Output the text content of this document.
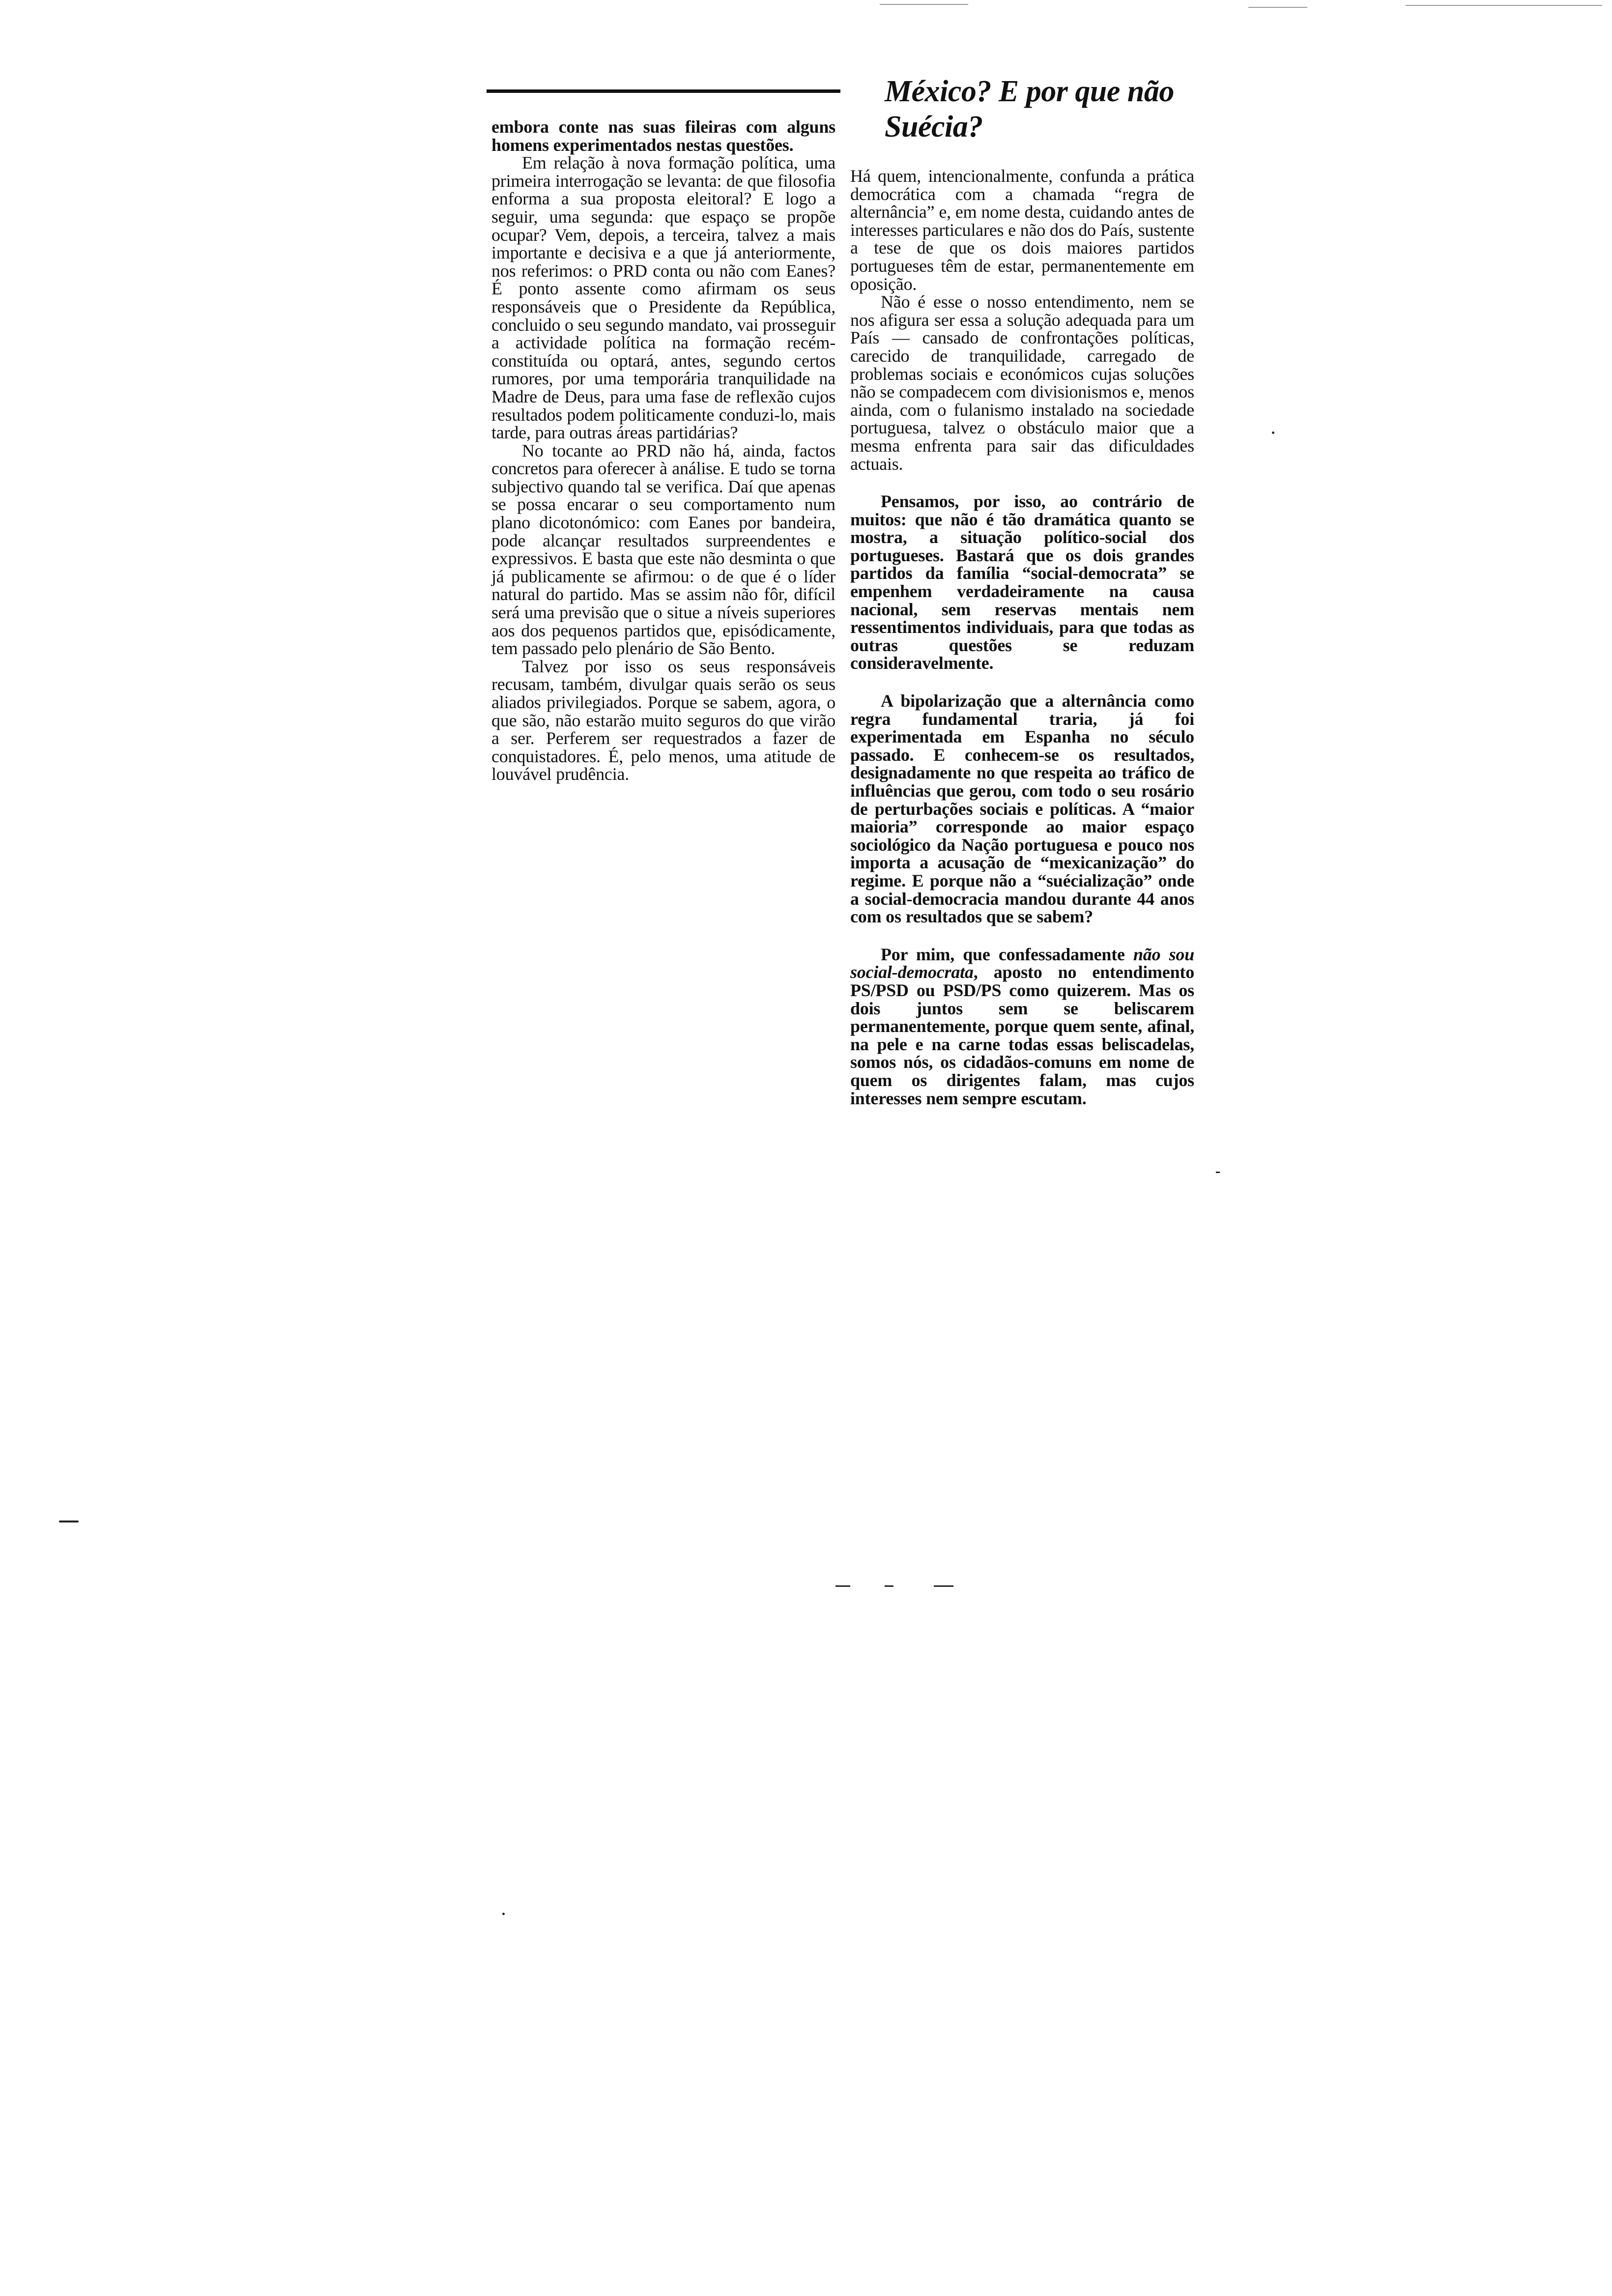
México? E por que não Suécia?

embora conte nas suas fileiras com alguns homens experimentados nestas questões.

Em relação à nova formação política, uma primeira interrogação se levanta: de que filosofia enforma a sua proposta eleitoral? E logo a seguir, uma segunda: que espaço se propõe ocupar? Vem, depois, a terceira, talvez a mais importante e decisiva e a que já anteriormente, nos referimos: o PRD conta ou não com Eanes? É ponto assente como afirmam os seus responsáveis que o Presidente da República, concluido o seu segundo mandato, vai prosseguir a actividade política na formação recém-constituída ou optará, antes, segundo certos rumores, por uma temporária tranquilidade na Madre de Deus, para uma fase de reflexão cujos resultados podem politicamente conduzi-lo, mais tarde, para outras áreas partidárias?

No tocante ao PRD não há, ainda, factos concretos para oferecer à análise. E tudo se torna subjectivo quando tal se verifica. Daí que apenas se possa encarar o seu comportamento num plano dicotonómico: com Eanes por bandeira, pode alcançar resultados surpreendentes e expressivos. E basta que este não desminta o que já publicamente se afirmou: o de que é o líder natural do partido. Mas se assim não fôr, difícil será uma previsão que o situe a níveis superiores aos dos pequenos partidos que, episódicamente, tem passado pelo plenário de São Bento.

Talvez por isso os seus responsáveis recusam, também, divulgar quais serão os seus aliados privilegiados. Porque se sabem, agora, o que são, não estarão muito seguros do que virão a ser. Perferem ser requestrados a fazer de conquistadores. É, pelo menos, uma atitude de louvável prudência.

Há quem, intencionalmente, confunda a prática democrática com a chamada “regra de alternância” e, em nome desta, cuidando antes de interesses particulares e não dos do País, sustente a tese de que os dois maiores partidos portugueses têm de estar, permanentemente em oposição.

Não é esse o nosso entendimento, nem se nos afigura ser essa a solução adequada para um País — cansado de confrontações políticas, carecido de tranquilidade, carregado de problemas sociais e económicos cujas soluções não se compadecem com divisionismos e, menos ainda, com o fulanismo instalado na sociedade portuguesa, talvez o obstáculo maior que a mesma enfrenta para sair das dificuldades actuais.

Pensamos, por isso, ao contrário de muitos: que não é tão dramática quanto se mostra, a situação político-social dos portugueses. Bastará que os dois grandes partidos da família “social-democrata” se empenhem verdadeiramente na causa nacional, sem reservas mentais nem ressentimentos individuais, para que todas as outras questões se reduzam consideravelmente.

A bipolarização que a alternância como regra fundamental traria, já foi experimentada em Espanha no século passado. E conhecem-se os resultados, designadamente no que respeita ao tráfico de influências que gerou, com todo o seu rosário de perturbações sociais e políticas. A “maior maioria” corresponde ao maior espaço sociológico da Nação portuguesa e pouco nos importa a acusação de “mexicanização” do regime. E porque não a “suécialização” onde a social-democracia mandou durante 44 anos com os resultados que se sabem?

Por mim, que confessadamente não sou social-democrata, aposto no entendimento PS/PSD ou PSD/PS como quizerem. Mas os dois juntos sem se beliscarem permanentemente, porque quem sente, afinal, na pele e na carne todas essas beliscadelas, somos nós, os cidadãos-comuns em nome de quem os dirigentes falam, mas cujos interesses nem sempre escutam.
